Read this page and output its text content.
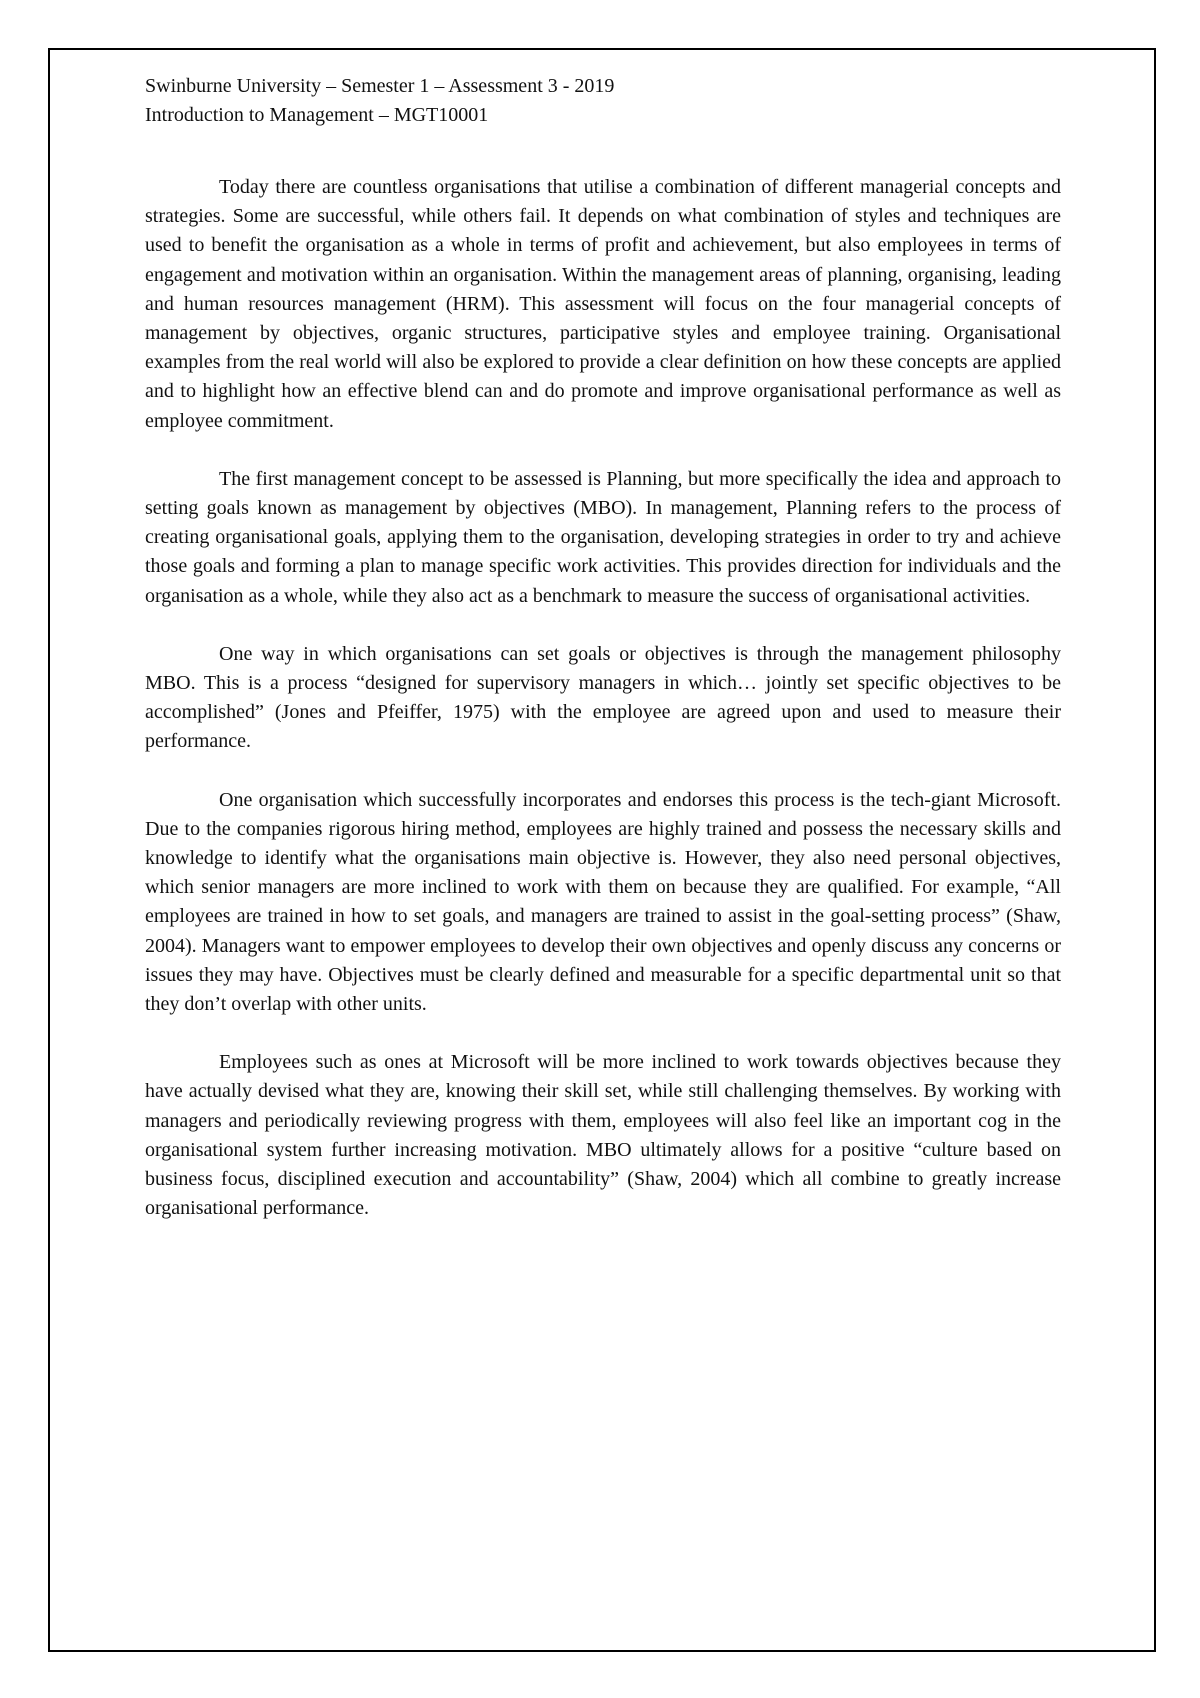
Swinburne University – Semester 1 – Assessment 3 - 2019

Introduction to Management – MGT10001

Today there are countless organisations that utilise a combination of different managerial concepts and strategies. Some are successful, while others fail. It depends on what combination of styles and techniques are used to benefit the organisation as a whole in terms of profit and achievement, but also employees in terms of engagement and motivation within an organisation. Within the management areas of planning, organising, leading and human resources management (HRM). This assessment will focus on the four managerial concepts of management by objectives, organic structures, participative styles and employee training. Organisational examples from the real world will also be explored to provide a clear definition on how these concepts are applied and to highlight how an effective blend can and do promote and improve organisational performance as well as employee commitment.

The first management concept to be assessed is Planning, but more specifically the idea and approach to setting goals known as management by objectives (MBO). In management, Planning refers to the process of creating organisational goals, applying them to the organisation, developing strategies in order to try and achieve those goals and forming a plan to manage specific work activities. This provides direction for individuals and the organisation as a whole, while they also act as a benchmark to measure the success of organisational activities.

One way in which organisations can set goals or objectives is through the management philosophy MBO. This is a process “designed for supervisory managers in which… jointly set specific objectives to be accomplished” (Jones and Pfeiffer, 1975) with the employee are agreed upon and used to measure their performance.

One organisation which successfully incorporates and endorses this process is the tech-giant Microsoft. Due to the companies rigorous hiring method, employees are highly trained and possess the necessary skills and knowledge to identify what the organisations main objective is. However, they also need personal objectives, which senior managers are more inclined to work with them on because they are qualified. For example, “All employees are trained in how to set goals, and managers are trained to assist in the goal-setting process” (Shaw, 2004). Managers want to empower employees to develop their own objectives and openly discuss any concerns or issues they may have. Objectives must be clearly defined and measurable for a specific departmental unit so that they don’t overlap with other units.

Employees such as ones at Microsoft will be more inclined to work towards objectives because they have actually devised what they are, knowing their skill set, while still challenging themselves. By working with managers and periodically reviewing progress with them, employees will also feel like an important cog in the organisational system further increasing motivation. MBO ultimately allows for a positive “culture based on business focus, disciplined execution and accountability” (Shaw, 2004) which all combine to greatly increase organisational performance.
